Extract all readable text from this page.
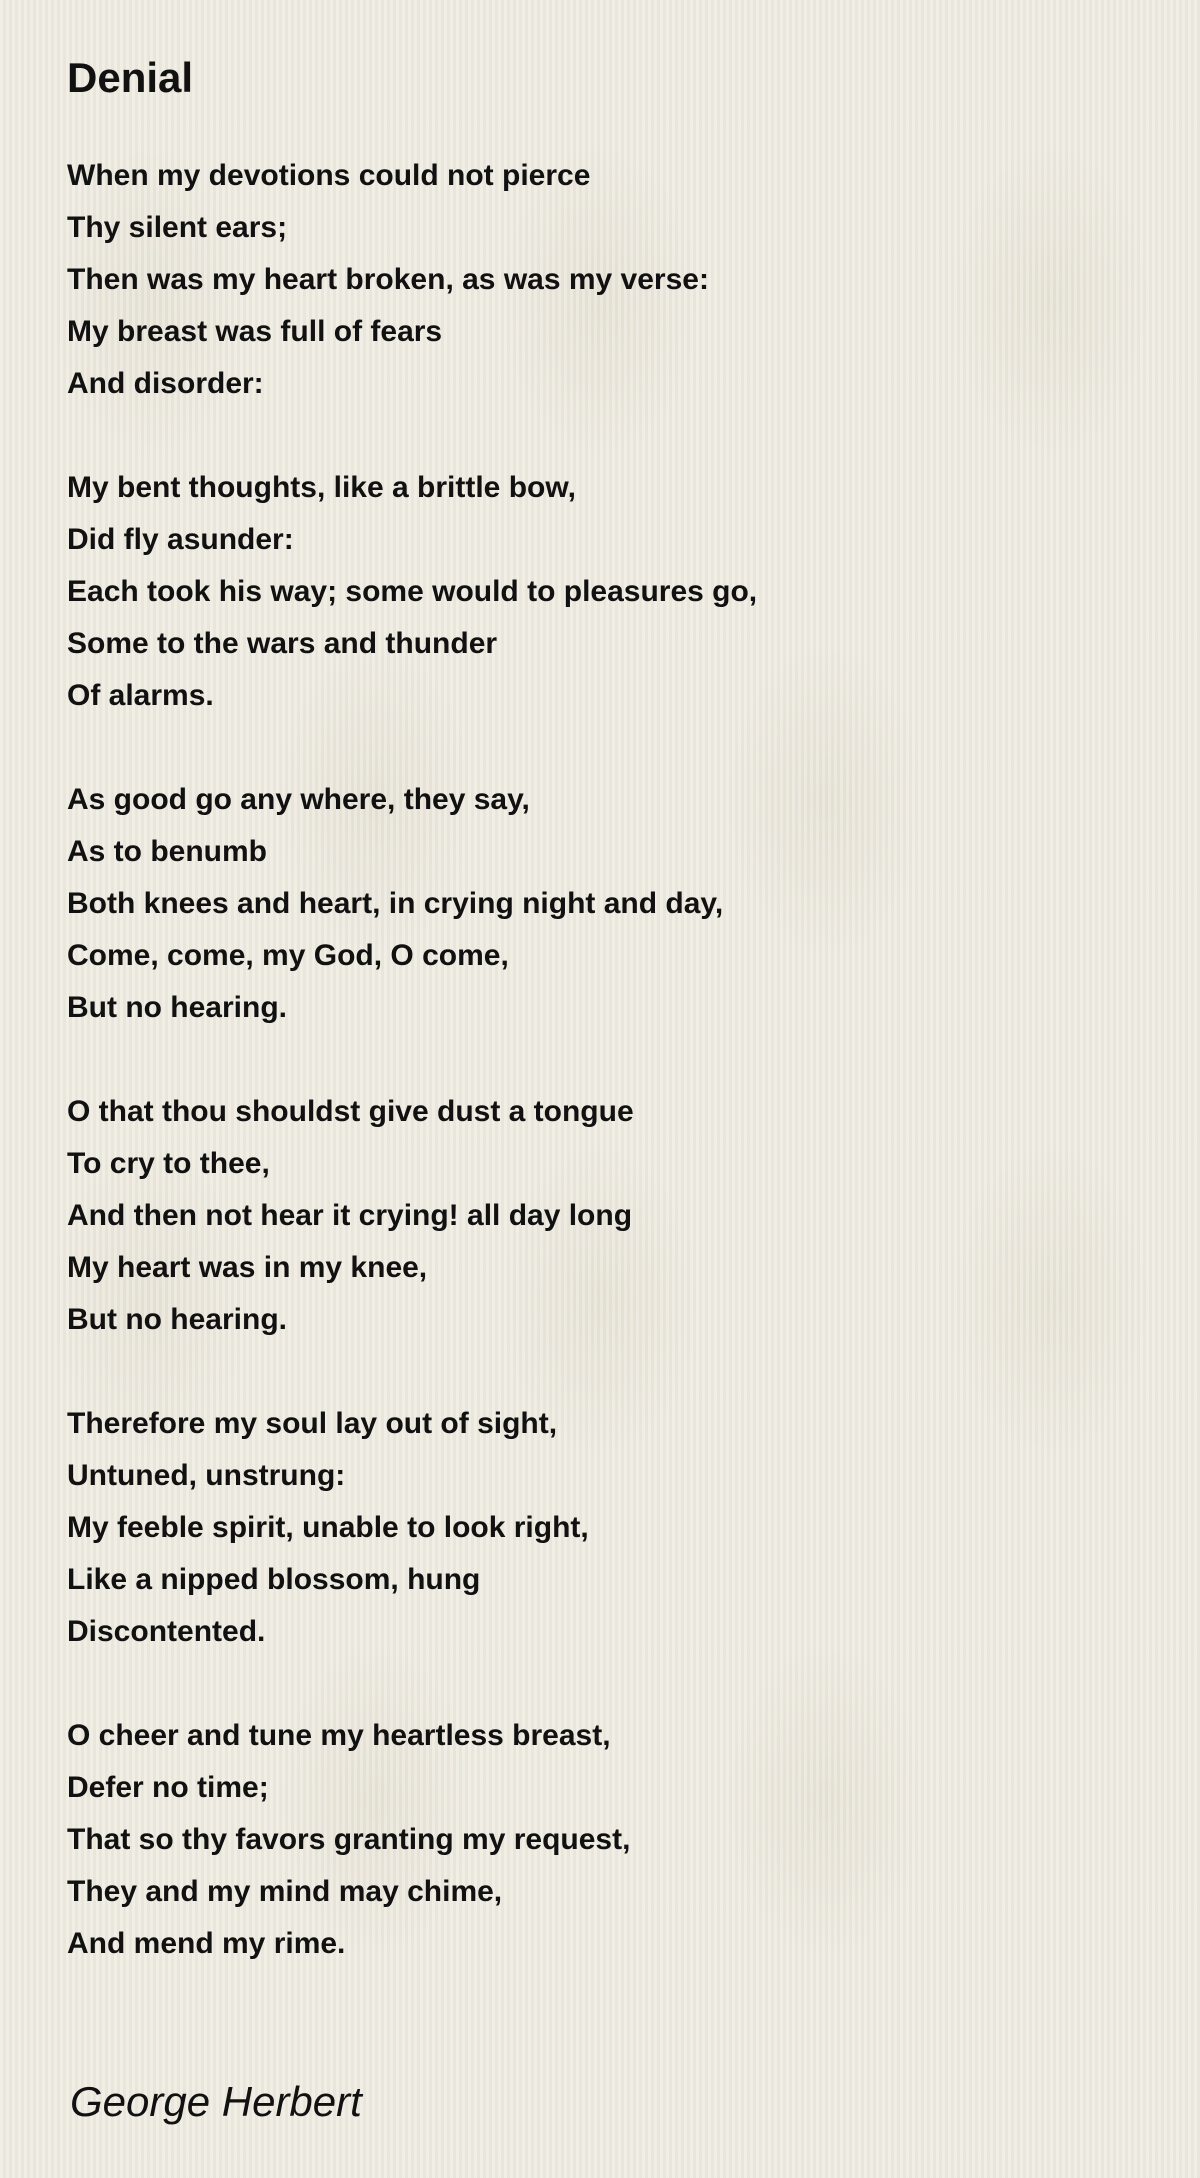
Denial
When my devotions could not pierce
Thy silent ears;
Then was my heart broken, as was my verse:
My breast was full of fears
And disorder:
My bent thoughts, like a brittle bow,
Did fly asunder:
Each took his way; some would to pleasures go,
Some to the wars and thunder
Of alarms.
As good go any where, they say,
As to benumb
Both knees and heart, in crying night and day,
Come, come, my God, O come,
But no hearing.
O that thou shouldst give dust a tongue
To cry to thee,
And then not hear it crying! all day long
My heart was in my knee,
But no hearing.
Therefore my soul lay out of sight,
Untuned, unstrung:
My feeble spirit, unable to look right,
Like a nipped blossom, hung
Discontented.
O cheer and tune my heartless breast,
Defer no time;
That so thy favors granting my request,
They and my mind may chime,
And mend my rime.
George Herbert
